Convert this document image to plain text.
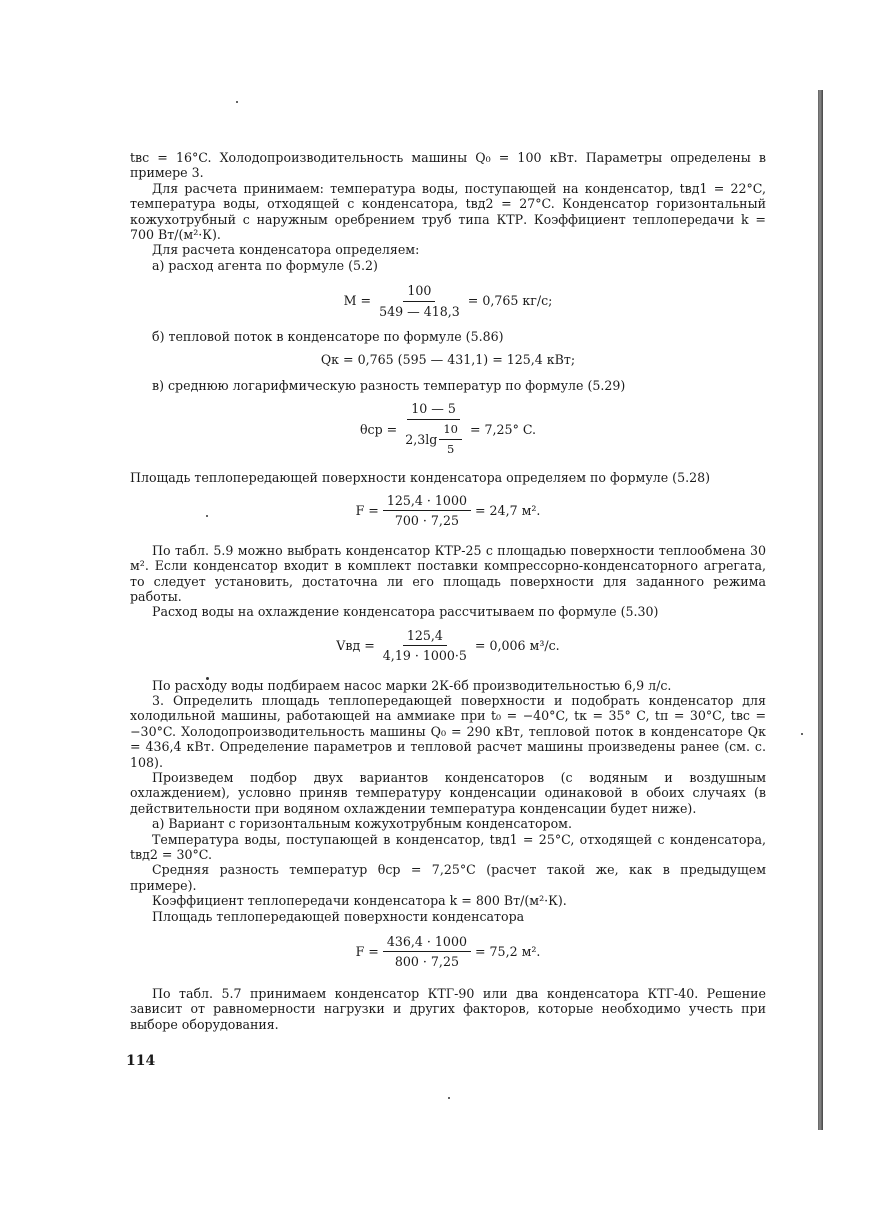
tвс = 16°C. Холодопроизводительность машины Q₀ = 100 кВт. Параметры определены в примере 3.

Для расчета принимаем: температура воды, поступающей на конденсатор, tвд1 = 22°C, температура воды, отходящей с конденсатора, tвд2 = 27°C. Конденсатор горизонтальный кожухотрубный с наружным оребрением труб типа КТР. Коэффициент теплопередачи k = 700 Вт/(м²·К).

Для расчета конденсатора определяем:

а) расход агента по формуле (5.2)

$M = \frac{100}{549 — 418,3} = 0,765$ кг/с;

б) тепловой поток в конденсаторе по формуле (5.86)

Qк = 0,765 (595 — 431,1) = 125,4 кВт;

в) среднюю логарифмическую разность температур по формуле (5.29)

$\theta ср = \frac{10 — 5}{2,3\lg \frac{10}{5}} = 7,25^\circ$ C.

Площадь теплопередающей поверхности конденсатора определяем по формуле (5.28)

$F = \frac{125,4 \cdot 1000}{700 \cdot 7,25} = 24,7$ м².

По табл. 5.9 можно выбрать конденсатор КТР-25 с площадью поверхности теплообмена 30 м². Если конденсатор входит в комплект поставки компрессорно-конденсаторного агрегата, то следует установить, достаточна ли его площадь поверхности для заданного режима работы.

Расход воды на охлаждение конденсатора рассчитываем по формуле (5.30)

Vвд = $\frac{125,4}{4,19 \cdot 1000\cdot 5} = 0,006$ м³/с.

По расходу воды подбираем насос марки 2К-6б производительностью 6,9 л/с.

3. Определить площадь теплопередающей поверхности и подобрать конденсатор для холодильной машины, работающей на аммиаке при t₀ = −40°C, tк = 35° C, tп = 30°C, tвс = −30°C. Холодопроизводительность машины Q₀ = 290 кВт, тепловой поток в конденсаторе Qк = 436,4 кВт. Определение параметров и тепловой расчет машины произведены ранее (см. с. 108).

Произведем подбор двух вариантов конденсаторов (с водяным и воздушным охлаждением), условно приняв температуру конденсации одинаковой в обоих случаях (в действительности при водяном охлаждении температура конденсации будет ниже).

а) Вариант с горизонтальным кожухотрубным конденсатором.

Температура воды, поступающей в конденсатор, tвд1 = 25°C, отходящей с конденсатора, tвд2 = 30°C.

Средняя разность температур θср = 7,25°C (расчет такой же, как в предыдущем примере).

Коэффициент теплопередачи конденсатора k = 800 Вт/(м²·К).

Площадь теплопередающей поверхности конденсатора

$F = \frac{436,4 \cdot 1000}{800 \cdot 7,25} = 75,2$ м².

По табл. 5.7 принимаем конденсатор КТГ-90 или два конденсатора КТГ-40. Решение зависит от равномерности нагрузки и других факторов, которые необходимо учесть при выборе оборудования.

114
